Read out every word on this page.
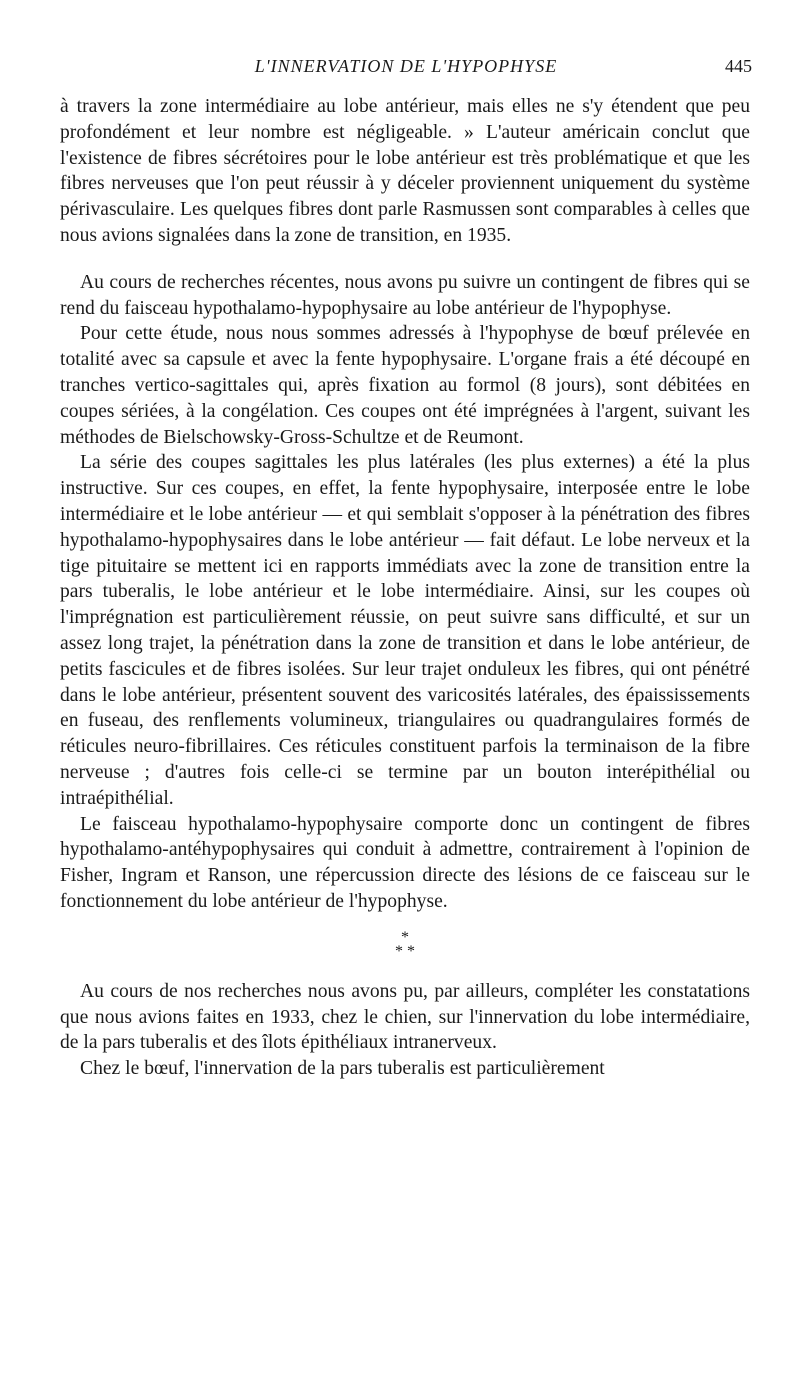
L'INNERVATION DE L'HYPOPHYSE	445

à travers la zone intermédiaire au lobe antérieur, mais elles ne s'y étendent que peu profondément et leur nombre est négligeable. » L'auteur américain conclut que l'existence de fibres sécrétoires pour le lobe antérieur est très problématique et que les fibres nerveuses que l'on peut réussir à y déceler proviennent uniquement du système périvasculaire. Les quelques fibres dont parle Rasmussen sont comparables à celles que nous avions signalées dans la zone de transition, en 1935.

Au cours de recherches récentes, nous avons pu suivre un contingent de fibres qui se rend du faisceau hypothalamo-hypophysaire au lobe antérieur de l'hypophyse.

Pour cette étude, nous nous sommes adressés à l'hypophyse de bœuf prélevée en totalité avec sa capsule et avec la fente hypophysaire. L'organe frais a été découpé en tranches vertico-sagittales qui, après fixation au formol (8 jours), sont débitées en coupes sériées, à la congélation. Ces coupes ont été imprégnées à l'argent, suivant les méthodes de Bielschowsky-Gross-Schultze et de Reumont.

La série des coupes sagittales les plus latérales (les plus externes) a été la plus instructive. Sur ces coupes, en effet, la fente hypophysaire, interposée entre le lobe intermédiaire et le lobe antérieur — et qui semblait s'opposer à la pénétration des fibres hypothalamo-hypophysaires dans le lobe antérieur — fait défaut. Le lobe nerveux et la tige pituitaire se mettent ici en rapports immédiats avec la zone de transition entre la pars tuberalis, le lobe antérieur et le lobe intermédiaire. Ainsi, sur les coupes où l'imprégnation est particulièrement réussie, on peut suivre sans difficulté, et sur un assez long trajet, la pénétration dans la zone de transition et dans le lobe antérieur, de petits fascicules et de fibres isolées. Sur leur trajet onduleux les fibres, qui ont pénétré dans le lobe antérieur, présentent souvent des varicosités latérales, des épaississements en fuseau, des renflements volumineux, triangulaires ou quadrangulaires formés de réticules neuro-fibrillaires. Ces réticules constituent parfois la terminaison de la fibre nerveuse ; d'autres fois celle-ci se termine par un bouton interépithélial ou intraépithélial.

Le faisceau hypothalamo-hypophysaire comporte donc un contingent de fibres hypothalamo-antéhypophysaires qui conduit à admettre, contrairement à l'opinion de Fisher, Ingram et Ranson, une répercussion directe des lésions de ce faisceau sur le fonctionnement du lobe antérieur de l'hypophyse.

*
* *

Au cours de nos recherches nous avons pu, par ailleurs, compléter les constatations que nous avions faites en 1933, chez le chien, sur l'innervation du lobe intermédiaire, de la pars tuberalis et des îlots épithéliaux intranerveux.

Chez le bœuf, l'innervation de la pars tuberalis est particulièrement
